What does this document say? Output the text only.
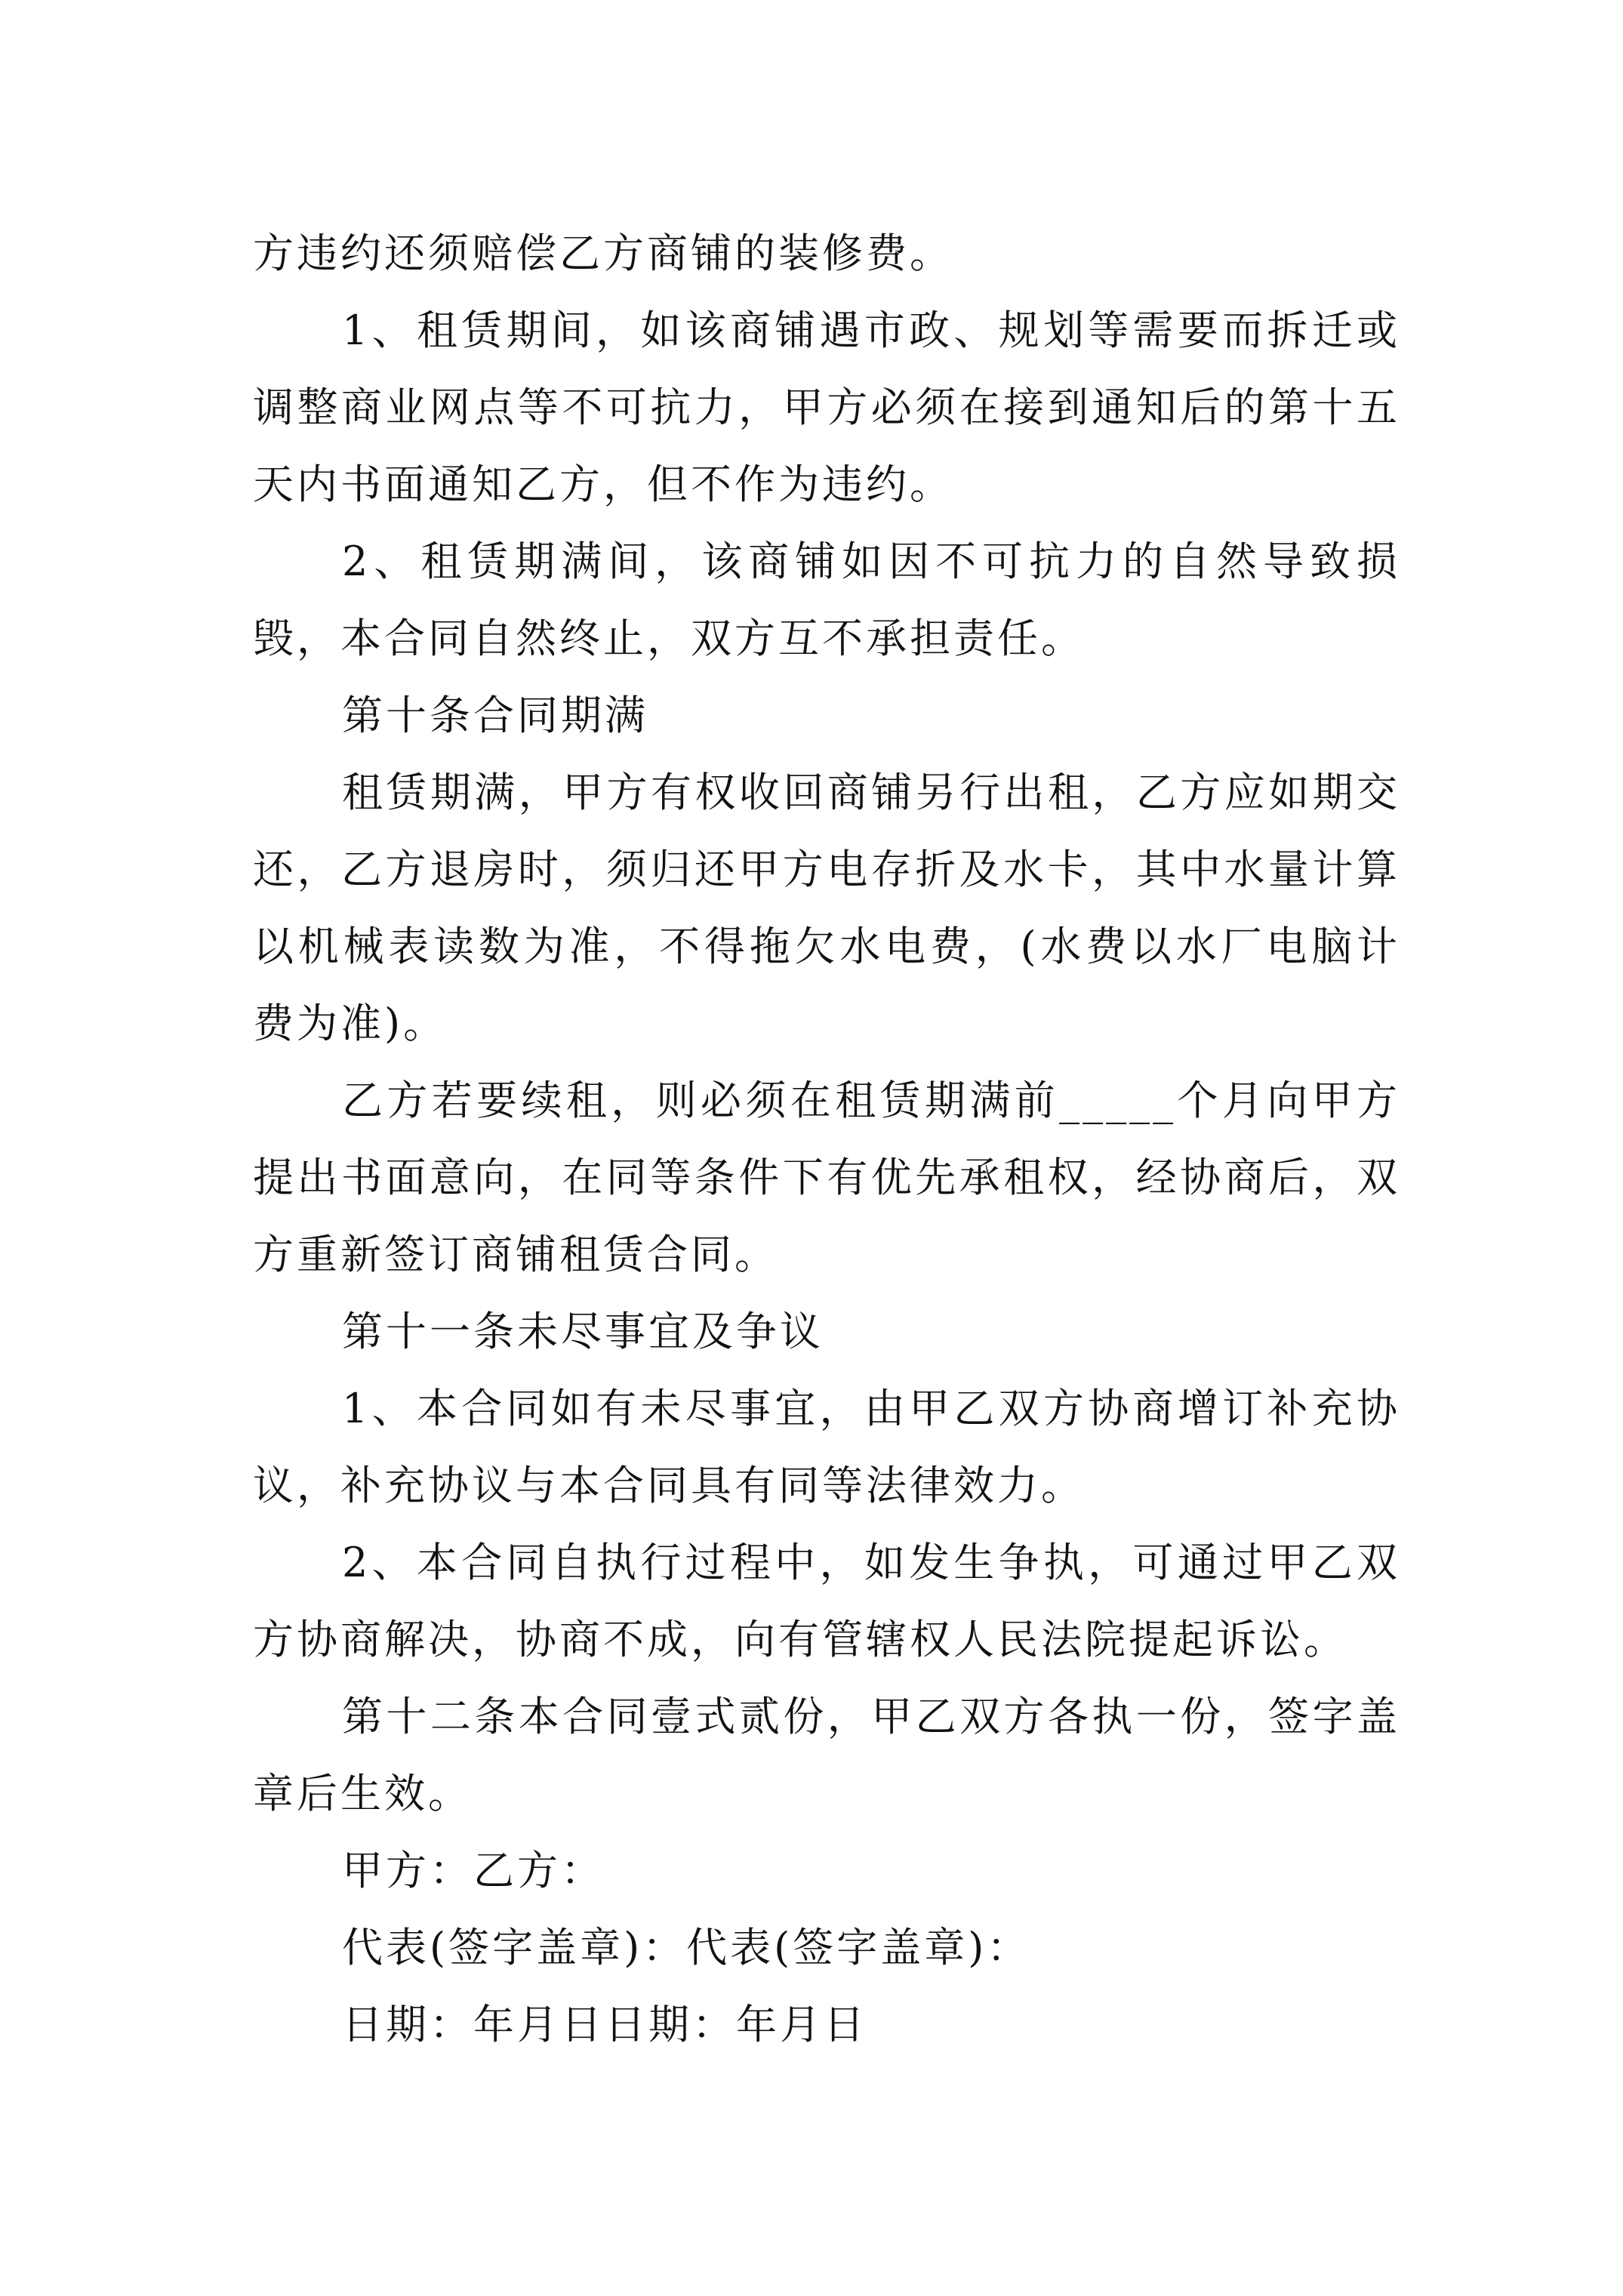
方违约还须赔偿乙方商铺的装修费。

1、租赁期间，如该商铺遇市政、规划等需要而拆迁或调整商业网点等不可抗力，甲方必须在接到通知后的第十五天内书面通知乙方，但不作为违约。

2、租赁期满间，该商铺如因不可抗力的自然导致损毁，本合同自然终止，双方互不承担责任。

第十条合同期满

租赁期满，甲方有权收回商铺另行出租，乙方应如期交还，乙方退房时，须归还甲方电存折及水卡，其中水量计算以机械表读数为准，不得拖欠水电费，(水费以水厂电脑计费为准)。

乙方若要续租，则必须在租赁期满前_____个月向甲方提出书面意向，在同等条件下有优先承租权，经协商后，双方重新签订商铺租赁合同。

第十一条未尽事宜及争议

1、本合同如有未尽事宜，由甲乙双方协商增订补充协议，补充协议与本合同具有同等法律效力。

2、本合同自执行过程中，如发生争执，可通过甲乙双方协商解决，协商不成，向有管辖权人民法院提起诉讼。

第十二条本合同壹式贰份，甲乙双方各执一份，签字盖章后生效。

甲方：乙方：

代表(签字盖章)：代表(签字盖章)：

日期：年月日日期：年月日
